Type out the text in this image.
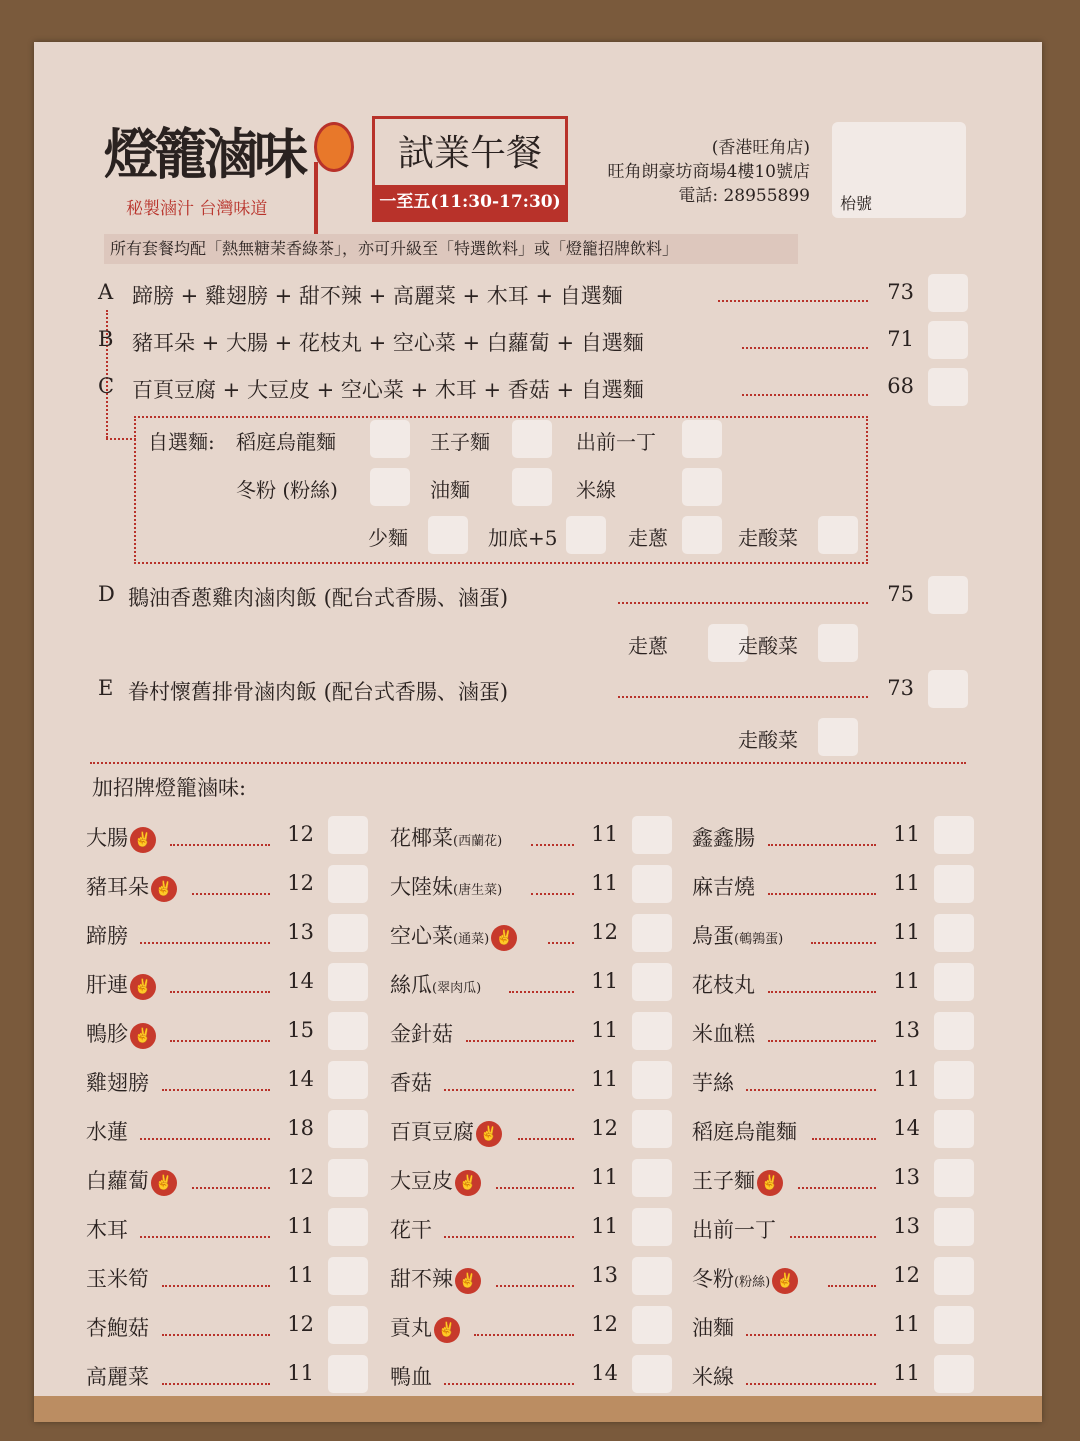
燈籠滷味
秘製滷汁 台灣味道
試業午餐
一至五(11:30-17:30)
(香港旺角店)
旺角朗豪坊商場4樓10號店
電話: 28955899 枱號
所有套餐均配「熱無糖茉香綠茶」，亦可升級至「特選飲料」或「燈籠招牌飲料」
A 蹄膀 + 雞翅膀 + 甜不辣 + 高麗菜 + 木耳 + 自選麵	73
B 豬耳朵 + 大腸 + 花枝丸 + 空心菜 + 白蘿蔔 + 自選麵	71
C 百頁豆腐 + 大豆皮 + 空心菜 + 木耳 + 香菇 + 自選麵	68
自選麵: 稻庭烏龍麵	王子麵	出前一丁
冬粉 (粉絲)	油麵	米線
少麵	加底+5	走蔥	走酸菜
D 鵝油香蔥雞肉滷肉飯 (配台式香腸、滷蛋)	75
走蔥	走酸菜
E 眷村懷舊排骨滷肉飯 (配台式香腸、滷蛋)	73
走酸菜
加招牌燈籠滷味:
大腸 ✌	12
豬耳朵 ✌	12
蹄膀	13
肝連 ✌	14
鴨胗 ✌	15
雞翅膀	14
水蓮	18
白蘿蔔 ✌	12
木耳	11
玉米筍	11
杏鮑菇	12
高麗菜	11
花椰菜(西蘭花)	11
大陸妹(唐生菜)	11
空心菜(通菜) ✌	12
絲瓜(翠肉瓜)	11
金針菇	11
香菇	11
百頁豆腐 ✌	12
大豆皮 ✌	11
花干	11
甜不辣 ✌	13
貢丸 ✌	12
鴨血	14
鑫鑫腸	11
麻吉燒	11
鳥蛋(鵪鶉蛋)	11
花枝丸	11
米血糕	13
芋絲	11
稻庭烏龍麵	14
王子麵 ✌	13
出前一丁	13
冬粉(粉絲) ✌	12
油麵	11
米線	11
